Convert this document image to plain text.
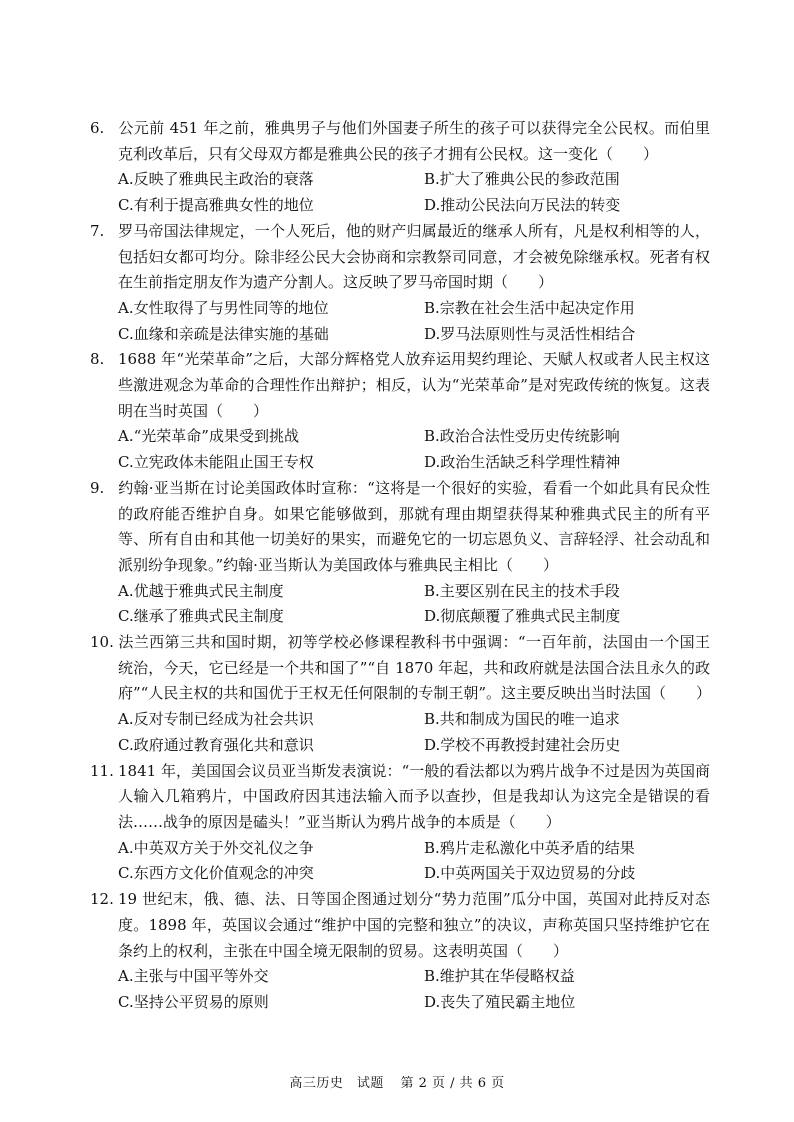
6. 公元前 451 年之前，雅典男子与他们外国妻子所生的孩子可以获得完全公民权。而伯里克利改革后，只有父母双方都是雅典公民的孩子才拥有公民权。这一变化（　　）
A.反映了雅典民主政治的衰落	B.扩大了雅典公民的参政范围
C.有利于提高雅典女性的地位	D.推动公民法向万民法的转变
7. 罗马帝国法律规定，一个人死后，他的财产归属最近的继承人所有，凡是权利相等的人，包括妇女都可均分。除非经公民大会协商和宗教祭司同意，才会被免除继承权。死者有权在生前指定朋友作为遗产分割人。这反映了罗马帝国时期（　　）
A.女性取得了与男性同等的地位	B.宗教在社会生活中起决定作用
C.血缘和亲疏是法律实施的基础	D.罗马法原则性与灵活性相结合
8. 1688 年“光荣革命”之后，大部分辉格党人放弃运用契约理论、天赋人权或者人民主权这些激进观念为革命的合理性作出辩护；相反，认为“光荣革命”是对宪政传统的恢复。这表明在当时英国（　　）
A.“光荣革命”成果受到挑战	B.政治合法性受历史传统影响
C.立宪政体未能阻止国王专权	D.政治生活缺乏科学理性精神
9. 约翰·亚当斯在讨论美国政体时宣称：“这将是一个很好的实验，看看一个如此具有民众性的政府能否维护自身。如果它能够做到，那就有理由期望获得某种雅典式民主的所有平等、所有自由和其他一切美好的果实，而避免它的一切忘恩负义、言辞轻浮、社会动乱和派别纷争现象。”约翰·亚当斯认为美国政体与雅典民主相比（　　）
A.优越于雅典式民主制度	B.主要区别在民主的技术手段
C.继承了雅典式民主制度	D.彻底颠覆了雅典式民主制度
10. 法兰西第三共和国时期，初等学校必修课程教科书中强调：“一百年前，法国由一个国王统治，今天，它已经是一个共和国了”“自 1870 年起，共和政府就是法国合法且永久的政府”“人民主权的共和国优于王权无任何限制的专制王朝”。这主要反映出当时法国（　　）
A.反对专制已经成为社会共识	B.共和制成为国民的唯一追求
C.政府通过教育强化共和意识	D.学校不再教授封建社会历史
11. 1841 年，美国国会议员亚当斯发表演说：“一般的看法都以为鸦片战争不过是因为英国商人输入几箱鸦片，中国政府因其违法输入而予以查抄，但是我却认为这完全是错误的看法……战争的原因是磕头！”亚当斯认为鸦片战争的本质是（　　）
A.中英双方关于外交礼仪之争	B.鸦片走私激化中英矛盾的结果
C.东西方文化价值观念的冲突	D.中英两国关于双边贸易的分歧
12. 19 世纪末，俄、德、法、日等国企图通过划分“势力范围”瓜分中国，英国对此持反对态度。1898 年，英国议会通过“维护中国的完整和独立”的决议，声称英国只坚持维护它在条约上的权利，主张在中国全境无限制的贸易。这表明英国（　　）
A.主张与中国平等外交	B.维护其在华侵略权益
C.坚持公平贸易的原则	D.丧失了殖民霸主地位
高三历史　试题 第 2 页 / 共 6 页
